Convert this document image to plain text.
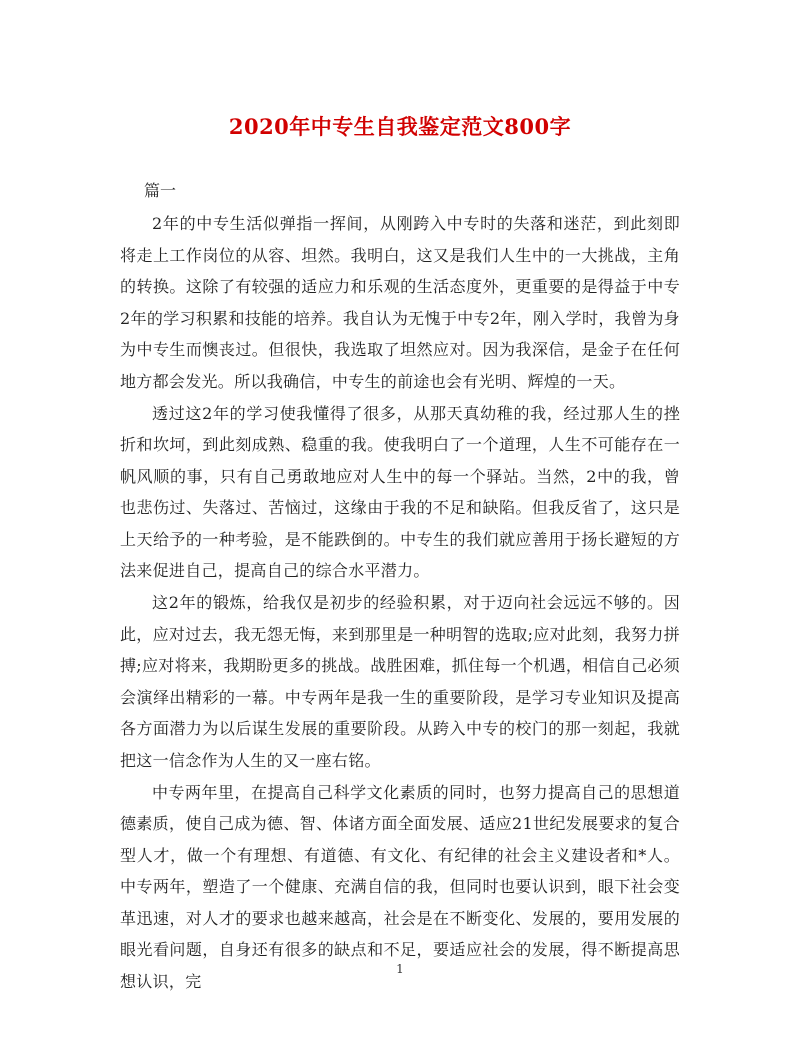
2020年中专生自我鉴定范文800字
篇一

2年的中专生活似弹指一挥间，从刚跨入中专时的失落和迷茫，到此刻即将走上工作岗位的从容、坦然。我明白，这又是我们人生中的一大挑战，主角的转换。这除了有较强的适应力和乐观的生活态度外，更重要的是得益于中专2年的学习积累和技能的培养。我自认为无愧于中专2年，刚入学时，我曾为身为中专生而懊丧过。但很快，我选取了坦然应对。因为我深信，是金子在任何地方都会发光。所以我确信，中专生的前途也会有光明、辉煌的一天。

透过这2年的学习使我懂得了很多，从那天真幼稚的我，经过那人生的挫折和坎坷，到此刻成熟、稳重的我。使我明白了一个道理，人生不可能存在一帆风顺的事，只有自己勇敢地应对人生中的每一个驿站。当然，2中的我，曾也悲伤过、失落过、苦恼过，这缘由于我的不足和缺陷。但我反省了，这只是上天给予的一种考验，是不能跌倒的。中专生的我们就应善用于扬长避短的方法来促进自己，提高自己的综合水平潜力。

这2年的锻炼，给我仅是初步的经验积累，对于迈向社会远远不够的。因此，应对过去，我无怨无悔，来到那里是一种明智的选取;应对此刻，我努力拼搏;应对将来，我期盼更多的挑战。战胜困难，抓住每一个机遇，相信自己必须会演绎出精彩的一幕。中专两年是我一生的重要阶段，是学习专业知识及提高各方面潜力为以后谋生发展的重要阶段。从跨入中专的校门的那一刻起，我就把这一信念作为人生的又一座右铭。

中专两年里，在提高自己科学文化素质的同时，也努力提高自己的思想道德素质，使自己成为德、智、体诸方面全面发展、适应21世纪发展要求的复合型人才，做一个有理想、有道德、有文化、有纪律的社会主义建设者和*人。中专两年，塑造了一个健康、充满自信的我，但同时也要认识到，眼下社会变革迅速，对人才的要求也越来越高，社会是在不断变化、发展的，要用发展的眼光看问题，自身还有很多的缺点和不足，要适应社会的发展，得不断提高思想认识，完

1
